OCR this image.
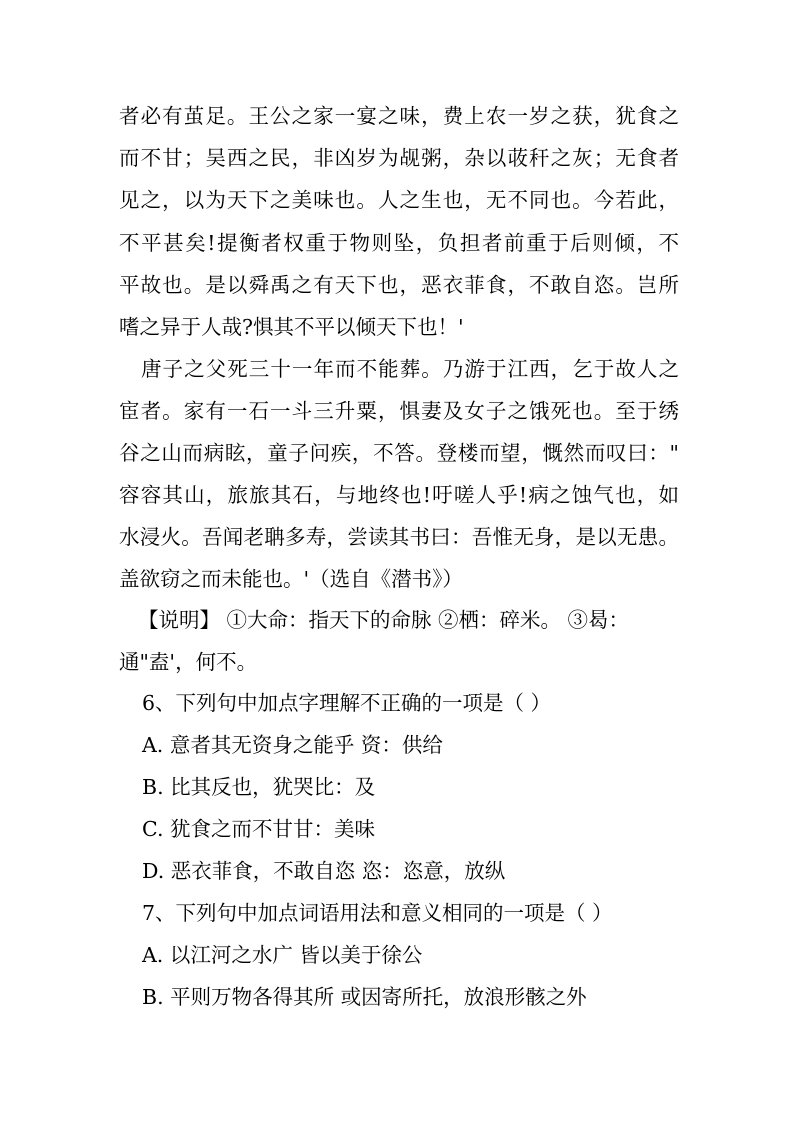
者必有茧足。王公之家一宴之味，费上农一岁之获，犹食之
而不甘；吴西之民，非凶岁为觇粥，杂以荍秆之灰；无食者
见之，以为天下之美味也。人之生也，无不同也。今若此，
不平甚矣!提衡者权重于物则坠，负担者前重于后则倾，不
平故也。是以舜禹之有天下也，恶衣菲食，不敢自恣。岂所
嗜之异于人哉?惧其不平以倾天下也！'
唐子之父死三十一年而不能葬。乃游于江西，乞于故人之
宦者。家有一石一斗三升粟，惧妻及女子之饿死也。至于绣
谷之山而病眩，童子问疾，不答。登楼而望，慨然而叹曰："
容容其山，旅旅其石，与地终也!吁嗟人乎!病之蚀气也，如
水浸火。吾闻老聃多寿，尝读其书曰：吾惟无身，是以无患。
盖欲窃之而未能也。'（选自《潜书》）
【说明】 ①大命：指天下的命脉 ②栖：碎米。 ③曷：
通"盍'，何不。
6、下列句中加点字理解不正确的一项是（ ）
A. 意者其无资身之能乎 资：供给
B. 比其反也，犹哭比：及
C. 犹食之而不甘甘：美味
D. 恶衣菲食，不敢自恣 恣：恣意，放纵
7、下列句中加点词语用法和意义相同的一项是（ ）
A. 以江河之水广 皆以美于徐公
B. 平则万物各得其所 或因寄所托，放浪形骸之外
